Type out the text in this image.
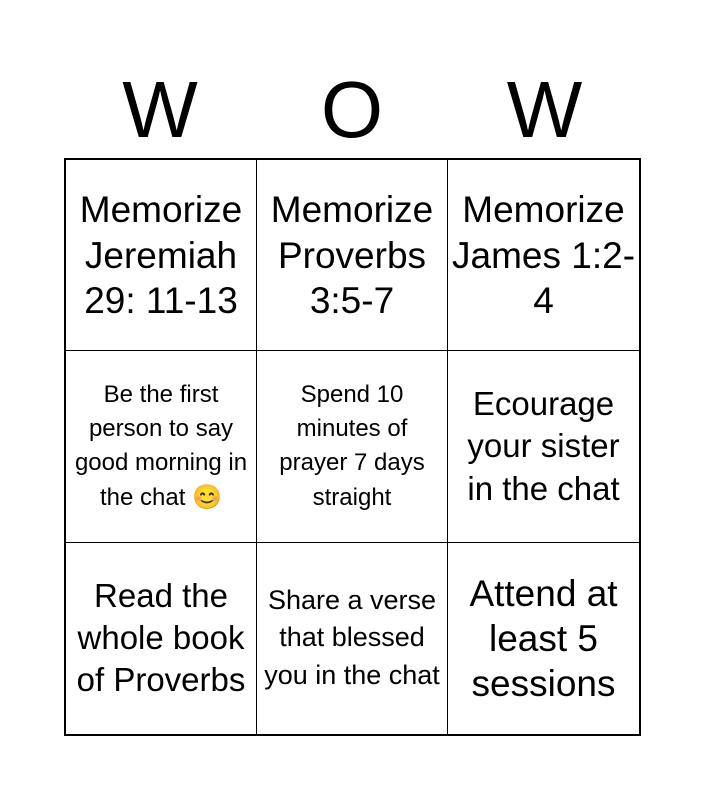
W	O	W
Memorize Jeremiah 29: 11-13
Memorize Proverbs 3:5-7
Memorize James 1:2-4
Be the first person to say good morning in the chat 😊
Spend 10 minutes of prayer 7 days straight
Ecourage your sister in the chat
Read the whole book of Proverbs
Share a verse that blessed you in the chat
Attend at least 5 sessions
